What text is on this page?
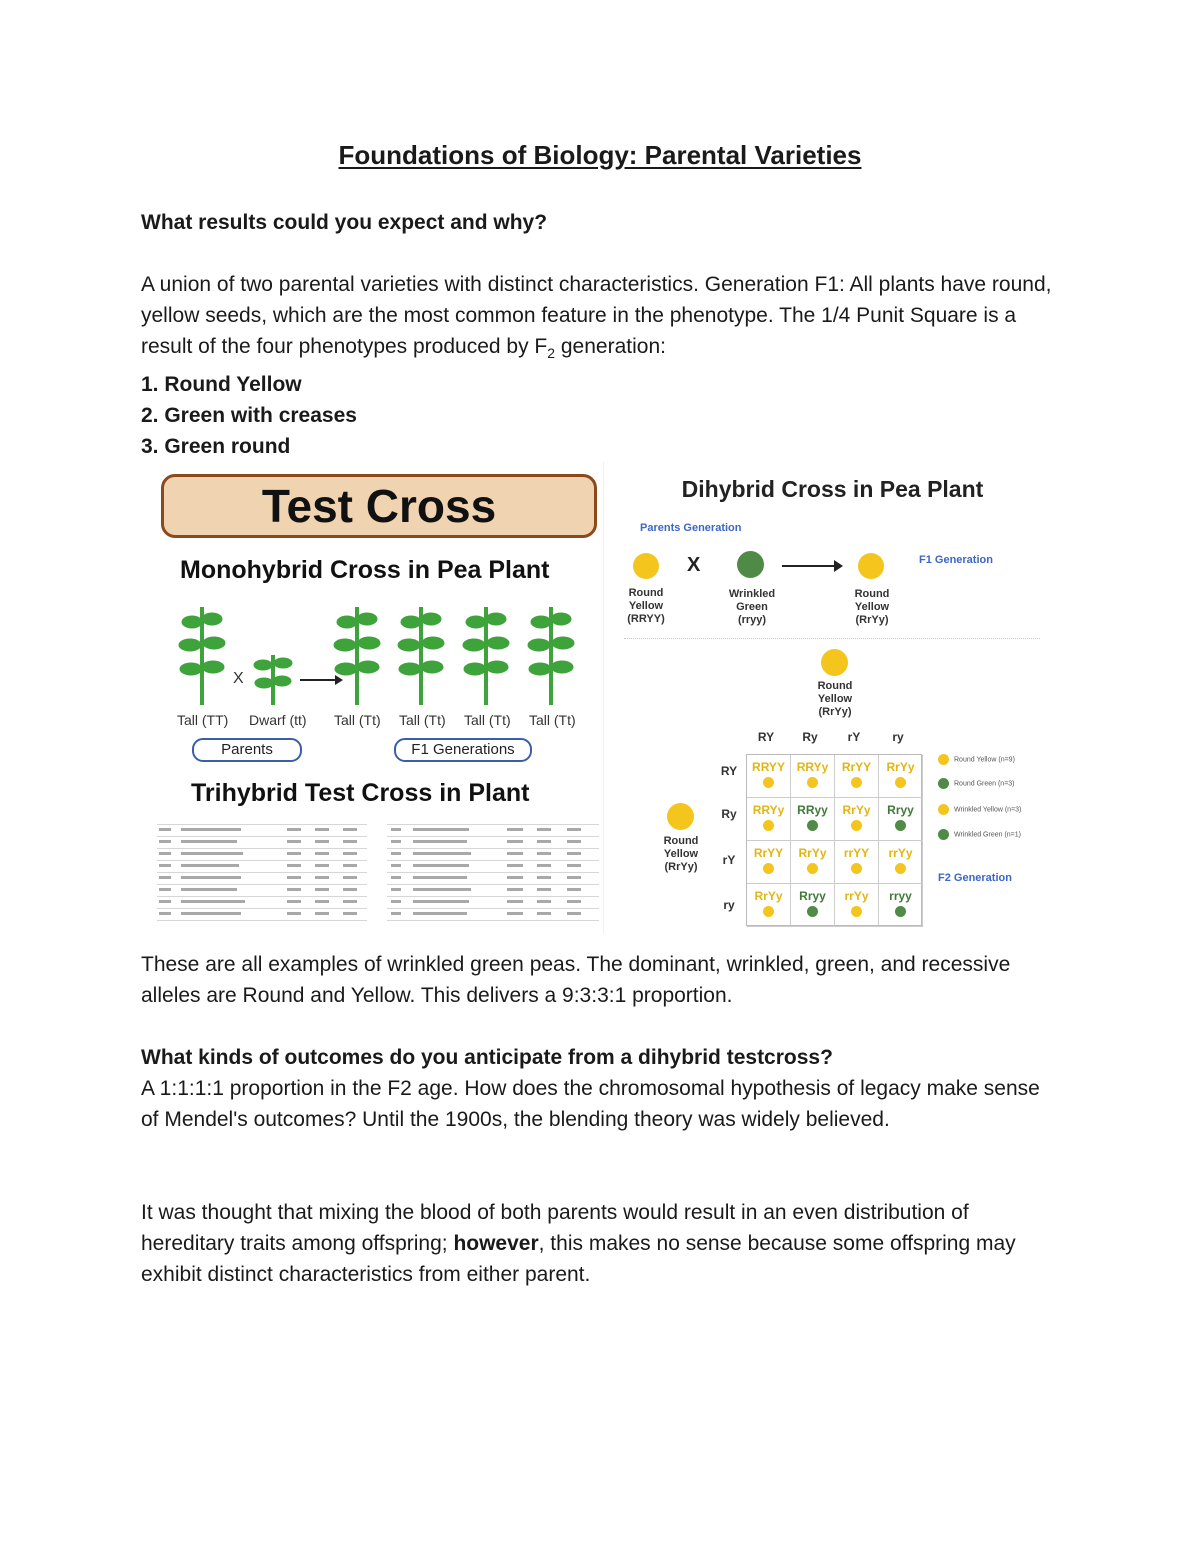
Foundations of Biology: Parental Varieties

What results could you expect and why?

A union of two parental varieties with distinct characteristics. Generation F1: All plants have round, yellow seeds, which are the most common feature in the phenotype. The 1/4 Punit Square is a result of the four phenotypes produced by $F_2$ generation:

1. Round Yellow

2. Green with creases

3. Green round

Test Cross
Monohybrid Cross in Pea Plant
X
Tall (TT) Dwarf (tt) Tall (Tt) Tall (Tt) Tall (Tt) Tall (Tt)
Parents	F1 Generations
Trihybrid Test Cross in Plant
Dihybrid Cross in Pea Plant
Parents Generation
X	F1 Generation
Round
Yellow
(RRYY)
Wrinkled
Green
(rryy)
Round
Yellow
(RrYy)
Round
Yellow
(RrYy)
RY	Ry	rY	ry
RY
Ry
rY
ry
Round
Yellow
(RrYy)
RRYY RRYy	RrYY	RrYy
RRYy	RRyy	RrYy	Rryy
RrYY	RrYy	rrYY	rrYy
RrYy	Rryy	rrYy	rryy
Round Yellow (n=9)
Round Green (n=3)
Wrinkled Yellow (n=3)
Wrinkled Green (n=1)
F2 Generation

These are all examples of wrinkled green peas. The dominant, wrinkled, green, and recessive alleles are Round and Yellow. This delivers a 9:3:3:1 proportion.

What kinds of outcomes do you anticipate from a dihybrid testcross?

A 1:1:1:1 proportion in the F2 age. How does the chromosomal hypothesis of legacy make sense of Mendel's outcomes? Until the 1900s, the blending theory was widely believed.

It was thought that mixing the blood of both parents would result in an even distribution of hereditary traits among offspring; however, this makes no sense because some offspring may exhibit distinct characteristics from either parent.
